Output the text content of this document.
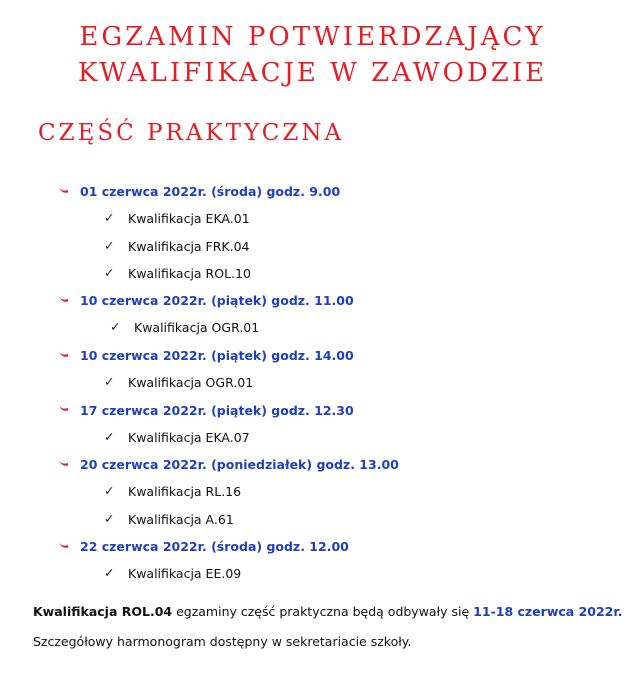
EGZAMIN POTWIERDZAJĄCY
KWALIFIKACJE W ZAWODZIE
CZĘŚĆ PRAKTYCZNA
01 czerwca 2022r. (środa) godz. 9.00
✓ Kwalifikacja EKA.01
✓ Kwalifikacja FRK.04
✓ Kwalifikacja ROL.10
10 czerwca 2022r. (piątek) godz. 11.00
✓ Kwalifikacja OGR.01
10 czerwca 2022r. (piątek) godz. 14.00
✓ Kwalifikacja OGR.01
17 czerwca 2022r. (piątek) godz. 12.30
✓ Kwalifikacja EKA.07
20 czerwca 2022r. (poniedziałek) godz. 13.00
✓ Kwalifikacja RL.16
✓ Kwalifikacja A.61
22 czerwca 2022r. (środa) godz. 12.00
✓ Kwalifikacja EE.09

Kwalifikacja ROL.04 egzaminy część praktyczna będą odbywały się 11-18 czerwca 2022r.

Szczegółowy harmonogram dostępny w sekretariacie szkoły.
